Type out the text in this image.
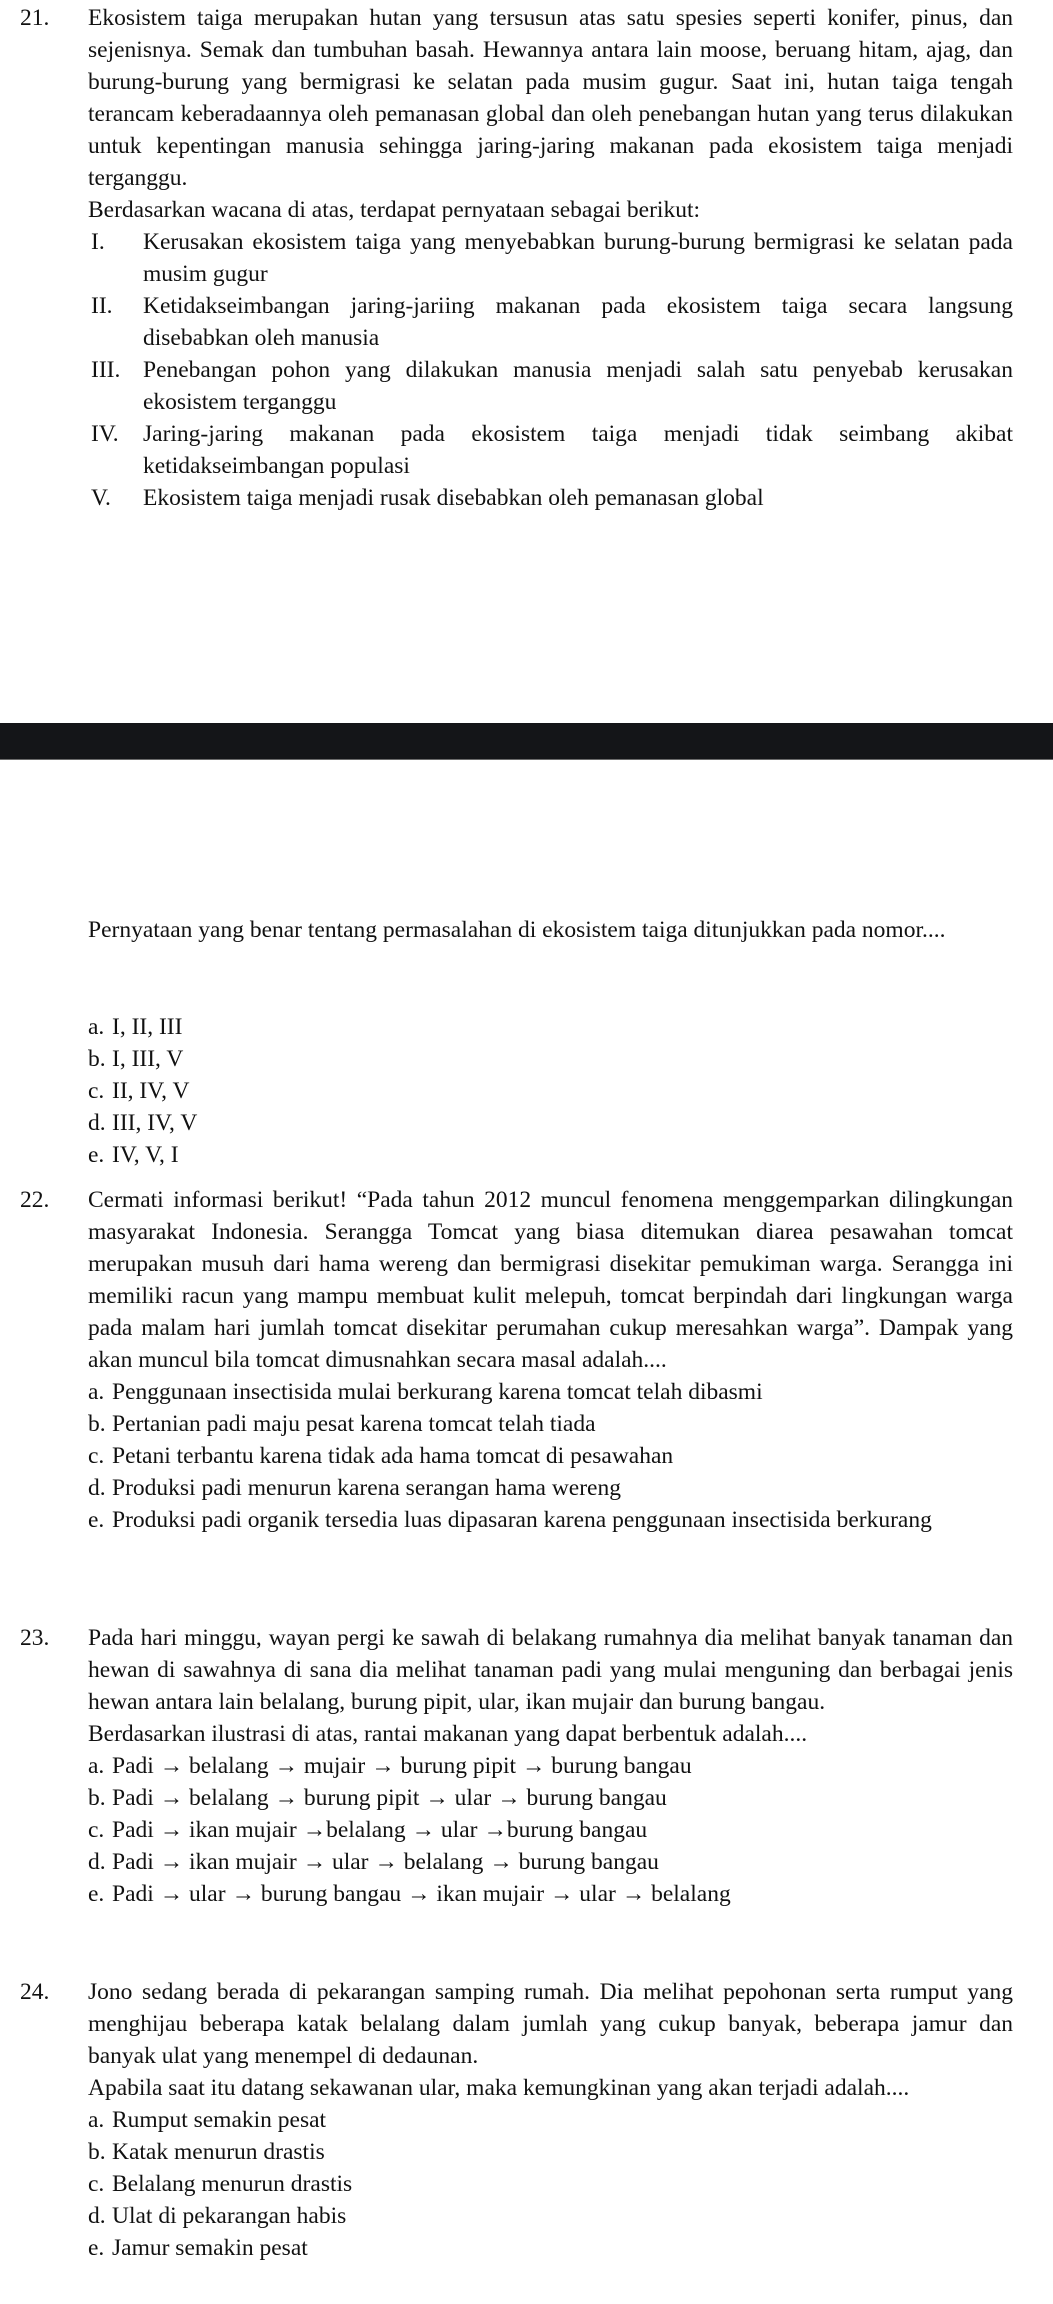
21. Ekosistem taiga merupakan hutan yang tersusun atas satu spesies seperti konifer, pinus, dan sejenisnya. Semak dan tumbuhan basah. Hewannya antara lain moose, beruang hitam, ajag, dan burung-burung yang bermigrasi ke selatan pada musim gugur. Saat ini, hutan taiga tengah terancam keberadaannya oleh pemanasan global dan oleh penebangan hutan yang terus dilakukan untuk kepentingan manusia sehingga jaring-jaring makanan pada ekosistem taiga menjadi terganggu.

Berdasarkan wacana di atas, terdapat pernyataan sebagai berikut:

I. Kerusakan ekosistem taiga yang menyebabkan burung-burung bermigrasi ke selatan pada musim gugur

II. Ketidakseimbangan jaring-jariing makanan pada ekosistem taiga secara langsung disebabkan oleh manusia

III. Penebangan pohon yang dilakukan manusia menjadi salah satu penyebab kerusakan ekosistem terganggu

IV. Jaring-jaring makanan pada ekosistem taiga menjadi tidak seimbang akibat ketidakseimbangan populasi

V. Ekosistem taiga menjadi rusak disebabkan oleh pemanasan global

Pernyataan yang benar tentang permasalahan di ekosistem taiga ditunjukkan pada nomor....

a. I, II, III
b. I, III, V
c. II, IV, V
d. III, IV, V
e. IV, V, I
22. Cermati informasi berikut! “Pada tahun 2012 muncul fenomena menggemparkan dilingkungan masyarakat Indonesia. Serangga Tomcat yang biasa ditemukan diarea pesawahan tomcat merupakan musuh dari hama wereng dan bermigrasi disekitar pemukiman warga. Serangga ini memiliki racun yang mampu membuat kulit melepuh, tomcat berpindah dari lingkungan warga pada malam hari jumlah tomcat disekitar perumahan cukup meresahkan warga”. Dampak yang akan muncul bila tomcat dimusnahkan secara masal adalah....

a. Penggunaan insectisida mulai berkurang karena tomcat telah dibasmi
b. Pertanian padi maju pesat karena tomcat telah tiada
c. Petani terbantu karena tidak ada hama tomcat di pesawahan
d. Produksi padi menurun karena serangan hama wereng
e. Produksi padi organik tersedia luas dipasaran karena penggunaan insectisida berkurang

23. Pada hari minggu, wayan pergi ke sawah di belakang rumahnya dia melihat banyak tanaman dan hewan di sawahnya di sana dia melihat tanaman padi yang mulai menguning dan berbagai jenis hewan antara lain belalang, burung pipit, ular, ikan mujair dan burung bangau.

Berdasarkan ilustrasi di atas, rantai makanan yang dapat berbentuk adalah....

a. Padi → belalang → mujair → burung pipit → burung bangau
b. Padi → belalang → burung pipit → ular → burung bangau
c. Padi → ikan mujair →belalang → ular →burung bangau
d. Padi → ikan mujair → ular → belalang → burung bangau
e. Padi → ular → burung bangau → ikan mujair → ular → belalang
24. Jono sedang berada di pekarangan samping rumah. Dia melihat pepohonan serta rumput yang menghijau beberapa katak belalang dalam jumlah yang cukup banyak, beberapa jamur dan banyak ulat yang menempel di dedaunan.

Apabila saat itu datang sekawanan ular, maka kemungkinan yang akan terjadi adalah....

a. Rumput semakin pesat
b. Katak menurun drastis
c. Belalang menurun drastis
d. Ulat di pekarangan habis
e. Jamur semakin pesat
